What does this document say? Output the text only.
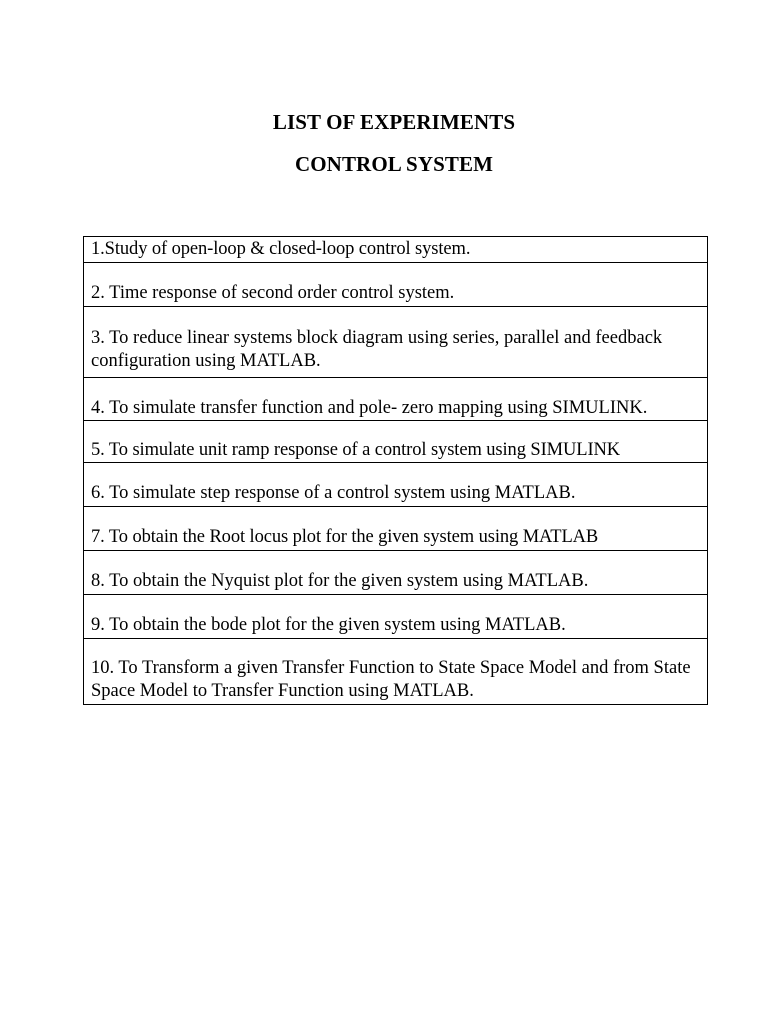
LIST OF EXPERIMENTS
CONTROL SYSTEM
1.Study of open-loop & closed-loop control system.
2. Time response of second order control system.
3. To reduce linear systems block diagram using series, parallel and feedback configuration using MATLAB.
4. To simulate transfer function and pole- zero mapping using SIMULINK.
5. To simulate unit ramp response of a control system using SIMULINK
6. To simulate step response of a control system using MATLAB.
7. To obtain the Root locus plot for the given system using MATLAB
8. To obtain the Nyquist plot for the given system using MATLAB.
9. To obtain the bode plot for the given system using MATLAB.
10. To Transform a given Transfer Function to State Space Model and from State Space Model to Transfer Function using MATLAB.
